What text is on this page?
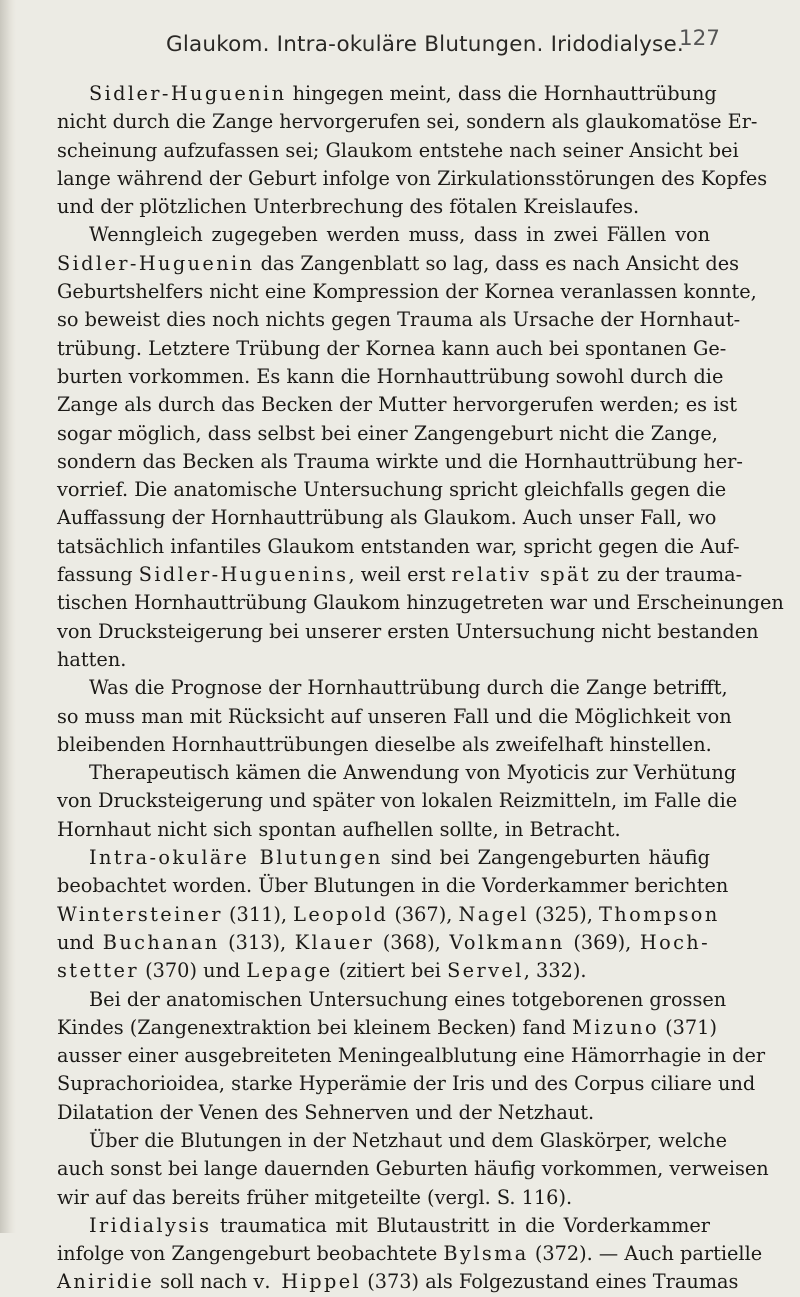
Glaukom. Intra-okuläre Blutungen. Iridodialyse.
127
Sidler-Huguenin hingegen meint, dass die Hornhauttrübung
nicht durch die Zange hervorgerufen sei, sondern als glaukomatöse Er-
scheinung aufzufassen sei; Glaukom entstehe nach seiner Ansicht bei
lange während der Geburt infolge von Zirkulationsstörungen des Kopfes
und der plötzlichen Unterbrechung des fötalen Kreislaufes.
Wenngleich zugegeben werden muss, dass in zwei Fällen von
Sidler-Huguenin das Zangenblatt so lag, dass es nach Ansicht des
Geburtshelfers nicht eine Kompression der Kornea veranlassen konnte,
so beweist dies noch nichts gegen Trauma als Ursache der Hornhaut-
trübung. Letztere Trübung der Kornea kann auch bei spontanen Ge-
burten vorkommen. Es kann die Hornhauttrübung sowohl durch die
Zange als durch das Becken der Mutter hervorgerufen werden; es ist
sogar möglich, dass selbst bei einer Zangengeburt nicht die Zange,
sondern das Becken als Trauma wirkte und die Hornhauttrübung her-
vorrief. Die anatomische Untersuchung spricht gleichfalls gegen die
Auffassung der Hornhauttrübung als Glaukom. Auch unser Fall, wo
tatsächlich infantiles Glaukom entstanden war, spricht gegen die Auf-
fassung Sidler-Huguenins, weil erst relativ spät zu der trauma-
tischen Hornhauttrübung Glaukom hinzugetreten war und Erscheinungen
von Drucksteigerung bei unserer ersten Untersuchung nicht bestanden
hatten.
Was die Prognose der Hornhauttrübung durch die Zange betrifft,
so muss man mit Rücksicht auf unseren Fall und die Möglichkeit von
bleibenden Hornhauttrübungen dieselbe als zweifelhaft hinstellen.
Therapeutisch kämen die Anwendung von Myoticis zur Verhütung
von Drucksteigerung und später von lokalen Reizmitteln, im Falle die
Hornhaut nicht sich spontan aufhellen sollte, in Betracht.
Intra-okuläre Blutungen sind bei Zangengeburten häufig
beobachtet worden. Über Blutungen in die Vorderkammer berichten
Wintersteiner (311), Leopold (367), Nagel (325), Thompson
und Buchanan (313), Klauer (368), Volkmann (369), Hoch-
stetter (370) und Lepage (zitiert bei Servel, 332).
Bei der anatomischen Untersuchung eines totgeborenen grossen
Kindes (Zangenextraktion bei kleinem Becken) fand Mizuno (371)
ausser einer ausgebreiteten Meningealblutung eine Hämorrhagie in der
Suprachorioidea, starke Hyperämie der Iris und des Corpus ciliare und
Dilatation der Venen des Sehnerven und der Netzhaut.
Über die Blutungen in der Netzhaut und dem Glaskörper, welche
auch sonst bei lange dauernden Geburten häufig vorkommen, verweisen
wir auf das bereits früher mitgeteilte (vergl. S. 116).
Iridialysis traumatica mit Blutaustritt in die Vorderkammer
infolge von Zangengeburt beobachtete Bylsma (372). — Auch partielle
Aniridie soll nach v. Hippel (373) als Folgezustand eines Traumas
